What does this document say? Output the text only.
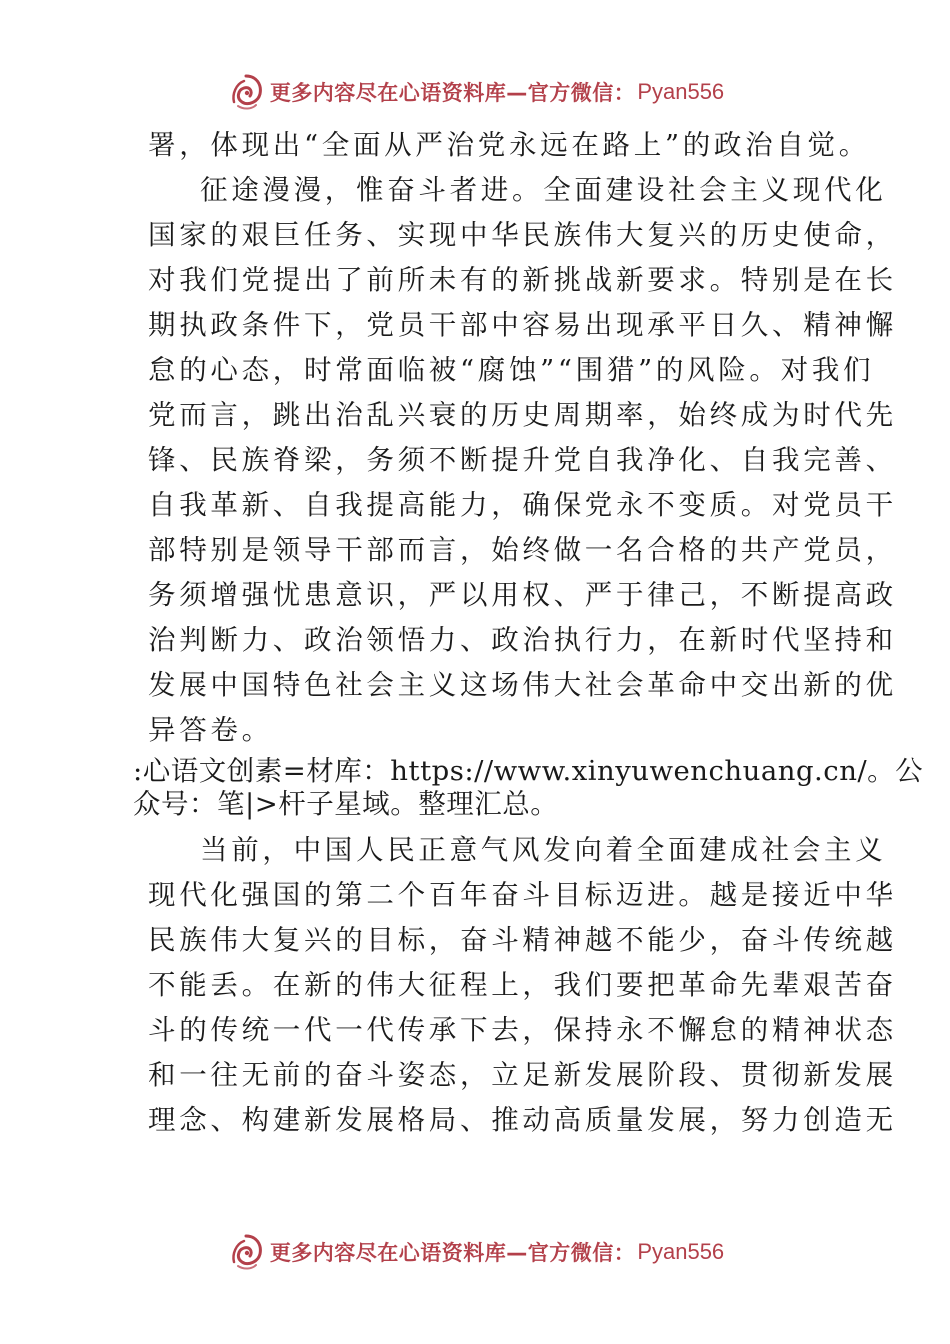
更多内容尽在心语资料库—官方微信： Pyan556
署，体现出“全面从严治党永远在路上”的政治自觉。
征途漫漫，惟奋斗者进。全面建设社会主义现代化
国家的艰巨任务、实现中华民族伟大复兴的历史使命，
对我们党提出了前所未有的新挑战新要求。特别是在长
期执政条件下，党员干部中容易出现承平日久、精神懈
怠的心态，时常面临被“腐蚀”“围猎”的风险。对我们
党而言，跳出治乱兴衰的历史周期率，始终成为时代先
锋、民族脊梁，务须不断提升党自我净化、自我完善、
自我革新、自我提高能力，确保党永不变质。对党员干
部特别是领导干部而言，始终做一名合格的共产党员，
务须增强忧患意识，严以用权、严于律己，不断提高政
治判断力、政治领悟力、政治执行力，在新时代坚持和
发展中国特色社会主义这场伟大社会革命中交出新的优
异答卷。
:心语文创素=材库：https://www.xinyuwenchuang.cn/。公
众号：笔|>杆子星域。整理汇总。
当前，中国人民正意气风发向着全面建成社会主义
现代化强国的第二个百年奋斗目标迈进。越是接近中华
民族伟大复兴的目标，奋斗精神越不能少，奋斗传统越
不能丢。在新的伟大征程上，我们要把革命先辈艰苦奋
斗的传统一代一代传承下去，保持永不懈怠的精神状态
和一往无前的奋斗姿态，立足新发展阶段、贯彻新发展
理念、构建新发展格局、推动高质量发展，努力创造无
更多内容尽在心语资料库—官方微信： Pyan556
